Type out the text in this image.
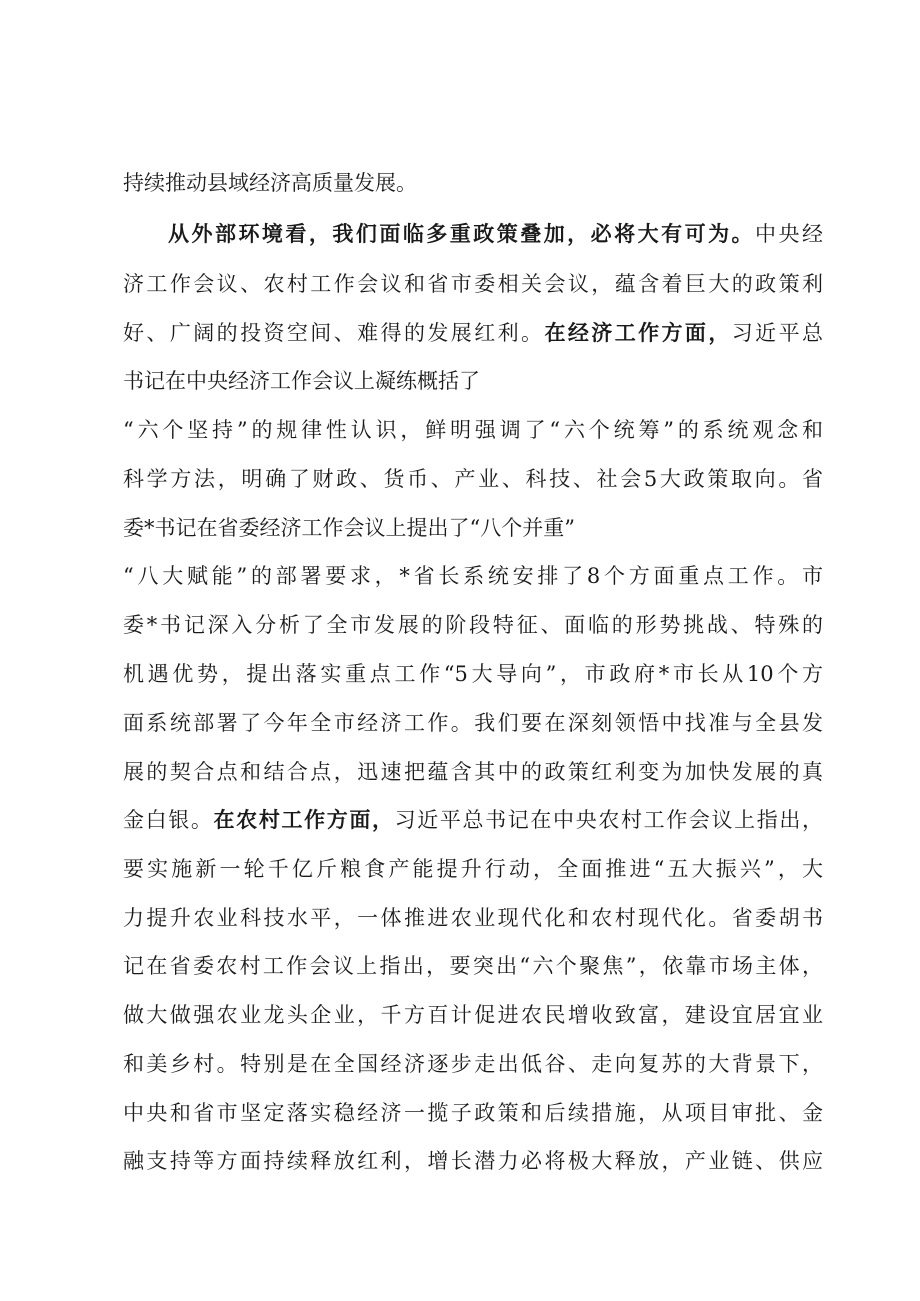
持续推动县域经济高质量发展。
从外部环境看，我们面临多重政策叠加，必将大有可为。中央经
济工作会议、农村工作会议和省市委相关会议，蕴含着巨大的政策利
好、广阔的投资空间、难得的发展红利。在经济工作方面，习近平总
书记在中央经济工作会议上凝练概括了
“六个坚持”的规律性认识，鲜明强调了“六个统筹”的系统观念和
科学方法，明确了财政、货币、产业、科技、社会5大政策取向。省
委*书记在省委经济工作会议上提出了“八个并重”
“八大赋能”的部署要求，*省长系统安排了8个方面重点工作。市
委*书记深入分析了全市发展的阶段特征、面临的形势挑战、特殊的
机遇优势，提出落实重点工作“5大导向”，市政府*市长从10个方
面系统部署了今年全市经济工作。我们要在深刻领悟中找准与全县发
展的契合点和结合点，迅速把蕴含其中的政策红利变为加快发展的真
金白银。在农村工作方面，习近平总书记在中央农村工作会议上指出，
要实施新一轮千亿斤粮食产能提升行动，全面推进“五大振兴”，大
力提升农业科技水平，一体推进农业现代化和农村现代化。省委胡书
记在省委农村工作会议上指出，要突出“六个聚焦”，依靠市场主体，
做大做强农业龙头企业，千方百计促进农民增收致富，建设宜居宜业
和美乡村。特别是在全国经济逐步走出低谷、走向复苏的大背景下，
中央和省市坚定落实稳经济一揽子政策和后续措施，从项目审批、金
融支持等方面持续释放红利，增长潜力必将极大释放，产业链、供应
